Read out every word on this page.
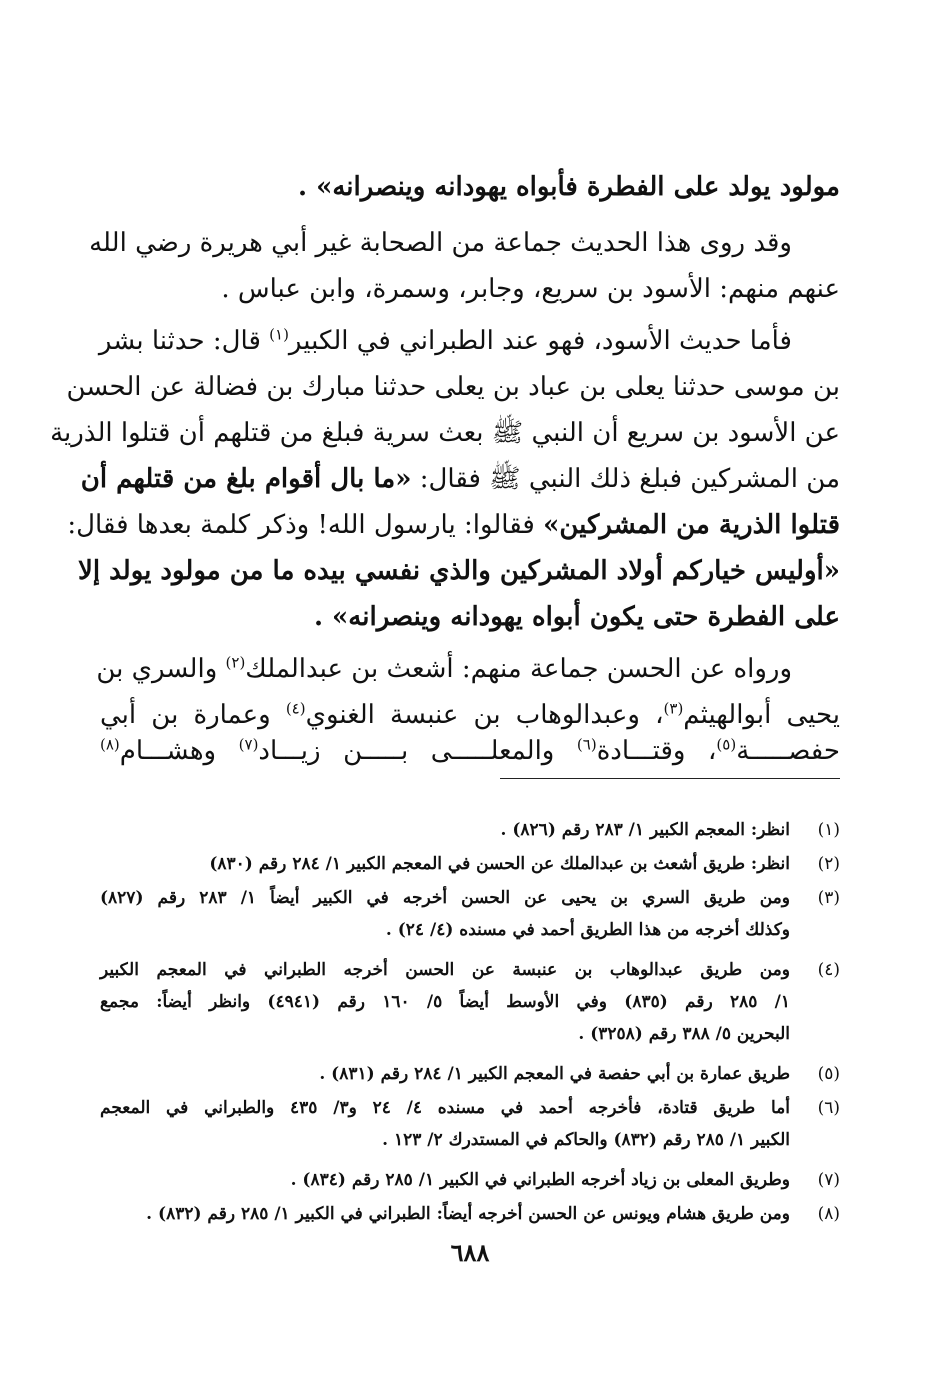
مولود يولد على الفطرة فأبواه يهودانه وينصرانه» .
وقد روى هذا الحديث جماعة من الصحابة غير أبي هريرة رضي الله
عنهم منهم: الأسود بن سريع، وجابر، وسمرة، وابن عباس .
فأما حديث الأسود، فهو عند الطبراني في الكبير$^{(١)}$ قال: حدثنا بشر
بن موسى حدثنا يعلى بن عباد بن يعلى حدثنا مبارك بن فضالة عن الحسن
عن الأسود بن سريع أن النبي ﷺ بعث سرية فبلغ من قتلهم أن قتلوا الذرية
من المشركين فبلغ ذلك النبي ﷺ فقال: «ما بال أقوام بلغ من قتلهم أن
قتلوا الذرية من المشركين» فقالوا: يارسول الله! وذكر كلمة بعدها فقال:
«أوليس خياركم أولاد المشركين والذي نفسي بيده ما من مولود يولد إلا
على الفطرة حتى يكون أبواه يهودانه وينصرانه» .
ورواه عن الحسن جماعة منهم: أشعث بن عبدالملك$^{(٢)}$ والسري بن
يحيى أبوالهيثم$^{(٣)}$، وعبدالوهاب بن عنبسة الغنوي$^{(٤)}$ وعمارة بن أبي
حفصـــــة$^{(٥)}$، وقتـــادة$^{(٦)}$ والمعلـــــى بـــــن زيـــاد$^{(٧)}$ وهشـــام$^{(٨)}$
(١)
انظر: المعجم الكبير ١/ ٢٨٣ رقم (٨٢٦) .
(٢)
انظر: طريق أشعث بن عبدالملك عن الحسن في المعجم الكبير ١/ ٢٨٤ رقم (٨٣٠)
(٣)
ومن طريق السري بن يحيى عن الحسن أخرجه في الكبير أيضاً ١/ ٢٨٣ رقم (٨٢٧)
وكذلك أخرجه من هذا الطريق أحمد في مسنده (٤/ ٢٤) .
(٤)
ومن طريق عبدالوهاب بن عنبسة عن الحسن أخرجه الطبراني في المعجم الكبير
١/ ٢٨٥ رقم (٨٣٥) وفي الأوسط أيضاً ٥/ ١٦٠ رقم (٤٩٤١) وانظر أيضاً: مجمع
البحرين ٥/ ٣٨٨ رقم (٣٢٥٨) .
(٥)
طريق عمارة بن أبي حفصة في المعجم الكبير ١/ ٢٨٤ رقم (٨٣١) .
(٦)
أما طريق قتادة، فأخرجه أحمد في مسنده ٤/ ٢٤ و٣/ ٤٣٥ والطبراني في المعجم
الكبير ١/ ٢٨٥ رقم (٨٣٢) والحاكم في المستدرك ٢/ ١٢٣ .
(٧)
وطريق المعلى بن زياد أخرجه الطبراني في الكبير ١/ ٢٨٥ رقم (٨٣٤) .
(٨)
ومن طريق هشام ويونس عن الحسن أخرجه أيضاً: الطبراني في الكبير ١/ ٢٨٥ رقم (٨٣٢) .
٦٨٨
